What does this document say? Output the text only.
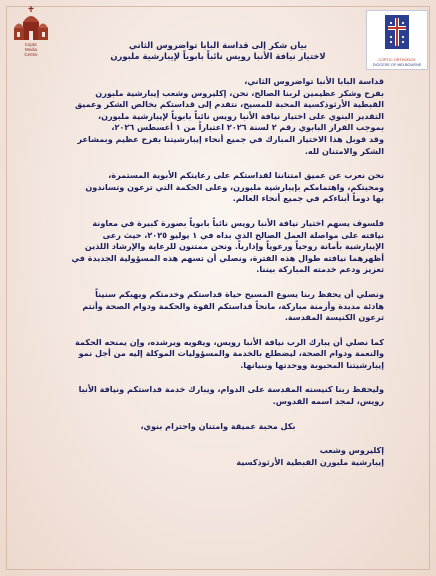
Coptic
Media
Centre
COPTIC ORTHODOX
DIOCESE OF MELBOURNE
بيان شكر إلى قداسة البابا تواضروس الثاني
لاختيار نيافة الأنبا رويس نائباً بابوياً لإيبارشية ملبورن
قداسة البابا الأنبا تواضروس الثاني،
بفرح وشكر عظيمين لربنا الصالح، نحن، إكليروس وشعب إيبارشية ملبورن
القبطية الأرثوذكسية المحبة للمسيح، نتقدم إلى قداستكم بخالص الشكر وعميق
التقدير البنوي على اختيار نيافة الأنبا رويس نائباً بابوياً لإيبارشية ملبورن،
بموجب القرار البابوي رقم ٢ لسنة ٢٠٢٦ اعتباراً من ١ أغسطس ٢٠٢٦،
وقد قوبل هذا الاختيار المبارك في جميع أنحاء إيبارشيتنا بفرح عظيم وبمشاعر
الشكر والامتنان لله.
نحن نعرب عن عميق امتناننا لقداستكم على رعايتكم الأبوية المستمرة،
ومحبتكم، واهتمامكم بإيبارشية ملبورن، وعلى الحكمة التي ترعون وتساندون
بها دوماً أبناءكم في جميع أنحاء العالم.
فلسوف يسهم اختيار نيافة الأنبا رويس نائباً بابوياً بصورة كبيرة في معاونة
نيافته على مواصلة العمل الصالح الذي بداه في ١ يوليو ٢٠٢٥، حيث رعى
الإيبارشية بأمانة روحياً ورعوياً وإدارياً. ونحن ممتنون للرعاية والإرشاد اللذين
أظهرهما نيافته طوال هذه الفترة، ونصلي أن تسهم هذه المسؤولية الجديدة في
تعزيز ودعم خدمته المباركة بيننا.
ونصلي أن يحفظ ربنا يسوع المسيح حياة قداستكم وخدمتكم ويهبكم سنيناً
هادئة مديدة وأزمنة مباركة، مانحاً قداستكم القوة والحكمة ودوام الصحة وأنتم
ترعون الكنيسة المقدسة.
كما نصلي أن يبارك الرب نيافة الأنبا رويس، ويقويه ويرشده، وإن يمنحه الحكمة
والنعمة ودوام الصحة، ليضطلع بالخدمة والمسؤوليات الموكلة إليه من أجل نمو
إيبارشيتنا المحبوبة ووحدتها وبنيانها.
وليحفظ ربنا كنيسته المقدسة على الدوام، ويبارك خدمة قداستكم ونيافة الأنبا
رويس، لمجد اسمه القدوس.
بكل محبة عميقة وامتنان واحترام بنوي،
إكليروس وشعب
إيبارشية ملبورن القبطية الأرثوذكسية
